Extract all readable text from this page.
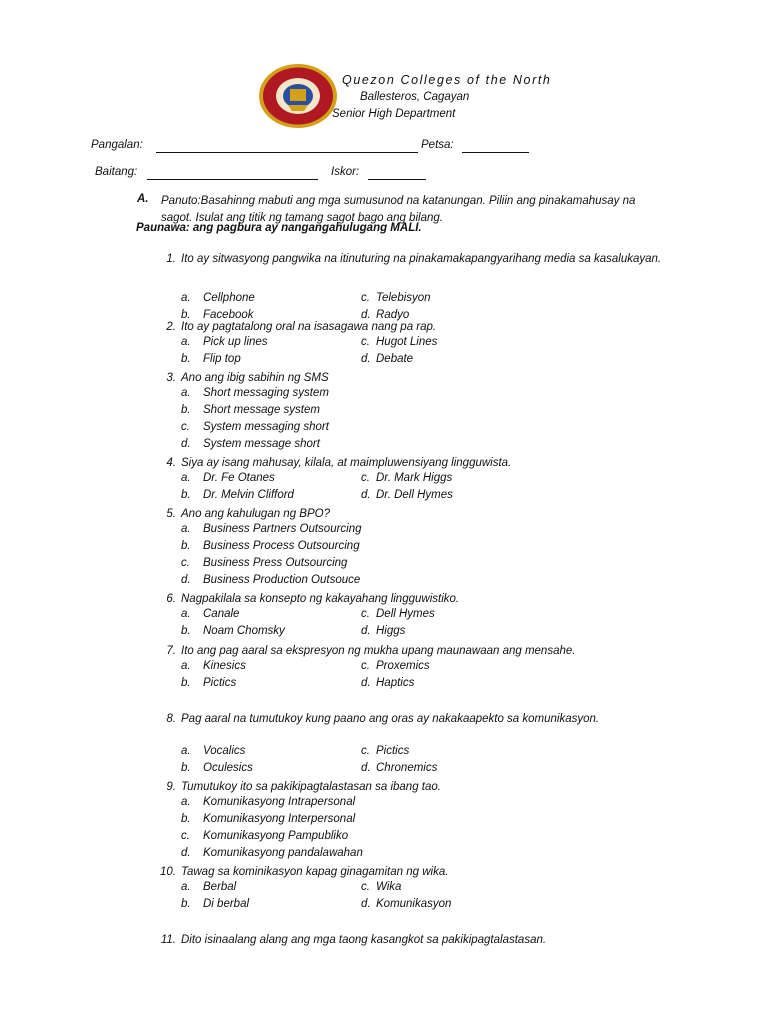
Quezon Colleges of the North
Ballesteros, Cagayan
Senior High Department
Pangalan:	Petsa:
Baitang:	Iskor:
A. Panuto:Basahinng mabuti ang mga sumusunod na katanungan. Piliin ang pinakamahusay na sagot. Isulat ang titik ng tamang sagot bago ang bilang.
Paunawa: ang pagbura ay nangangahulugang MALI.
1. Ito ay sitwasyong pangwika na itinuturing na pinakamakapangyarihang media sa kasalukayan.
a. Cellphone	c. Telebisyon
b. Facebook	d. Radyo
2. Ito ay pagtatalong oral na isasagawa nang pa rap.
a. Pick up lines	c. Hugot Lines
b. Flip top	d. Debate
3. Ano ang ibig sabihin ng SMS
a. Short messaging system
b. Short message system
c. System messaging short
d. System message short
4. Siya ay isang mahusay, kilala, at maimpluwensiyang lingguwista.
a. Dr. Fe Otanes	c. Dr. Mark Higgs
b. Dr. Melvin Clifford	d. Dr. Dell Hymes
5. Ano ang kahulugan ng BPO?
a. Business Partners Outsourcing
b. Business Process Outsourcing
c. Business Press Outsourcing
d. Business Production Outsouce
6. Nagpakilala sa konsepto ng kakayahang lingguwistiko.
a. Canale	c. Dell Hymes
b. Noam Chomsky	d. Higgs
7. Ito ang pag aaral sa ekspresyon ng mukha upang maunawaan ang mensahe.
a. Kinesics	c. Proxemics
b. Pictics	d. Haptics
8. Pag aaral na tumutukoy kung paano ang oras ay nakakaapekto sa komunikasyon.
a. Vocalics	c. Pictics
b. Oculesics	d. Chronemics
9. Tumutukoy ito sa pakikipagtalastasan sa ibang tao.
a. Komunikasyong Intrapersonal
b. Komunikasyong Interpersonal
c. Komunikasyong Pampubliko
d. Komunikasyong pandalawahan
10. Tawag sa kominikasyon kapag ginagamitan ng wika.
a. Berbal	c. Wika
b. Di berbal	d. Komunikasyon
11. Dito isinaalang alang ang mga taong kasangkot sa pakikipagtalastasan.
